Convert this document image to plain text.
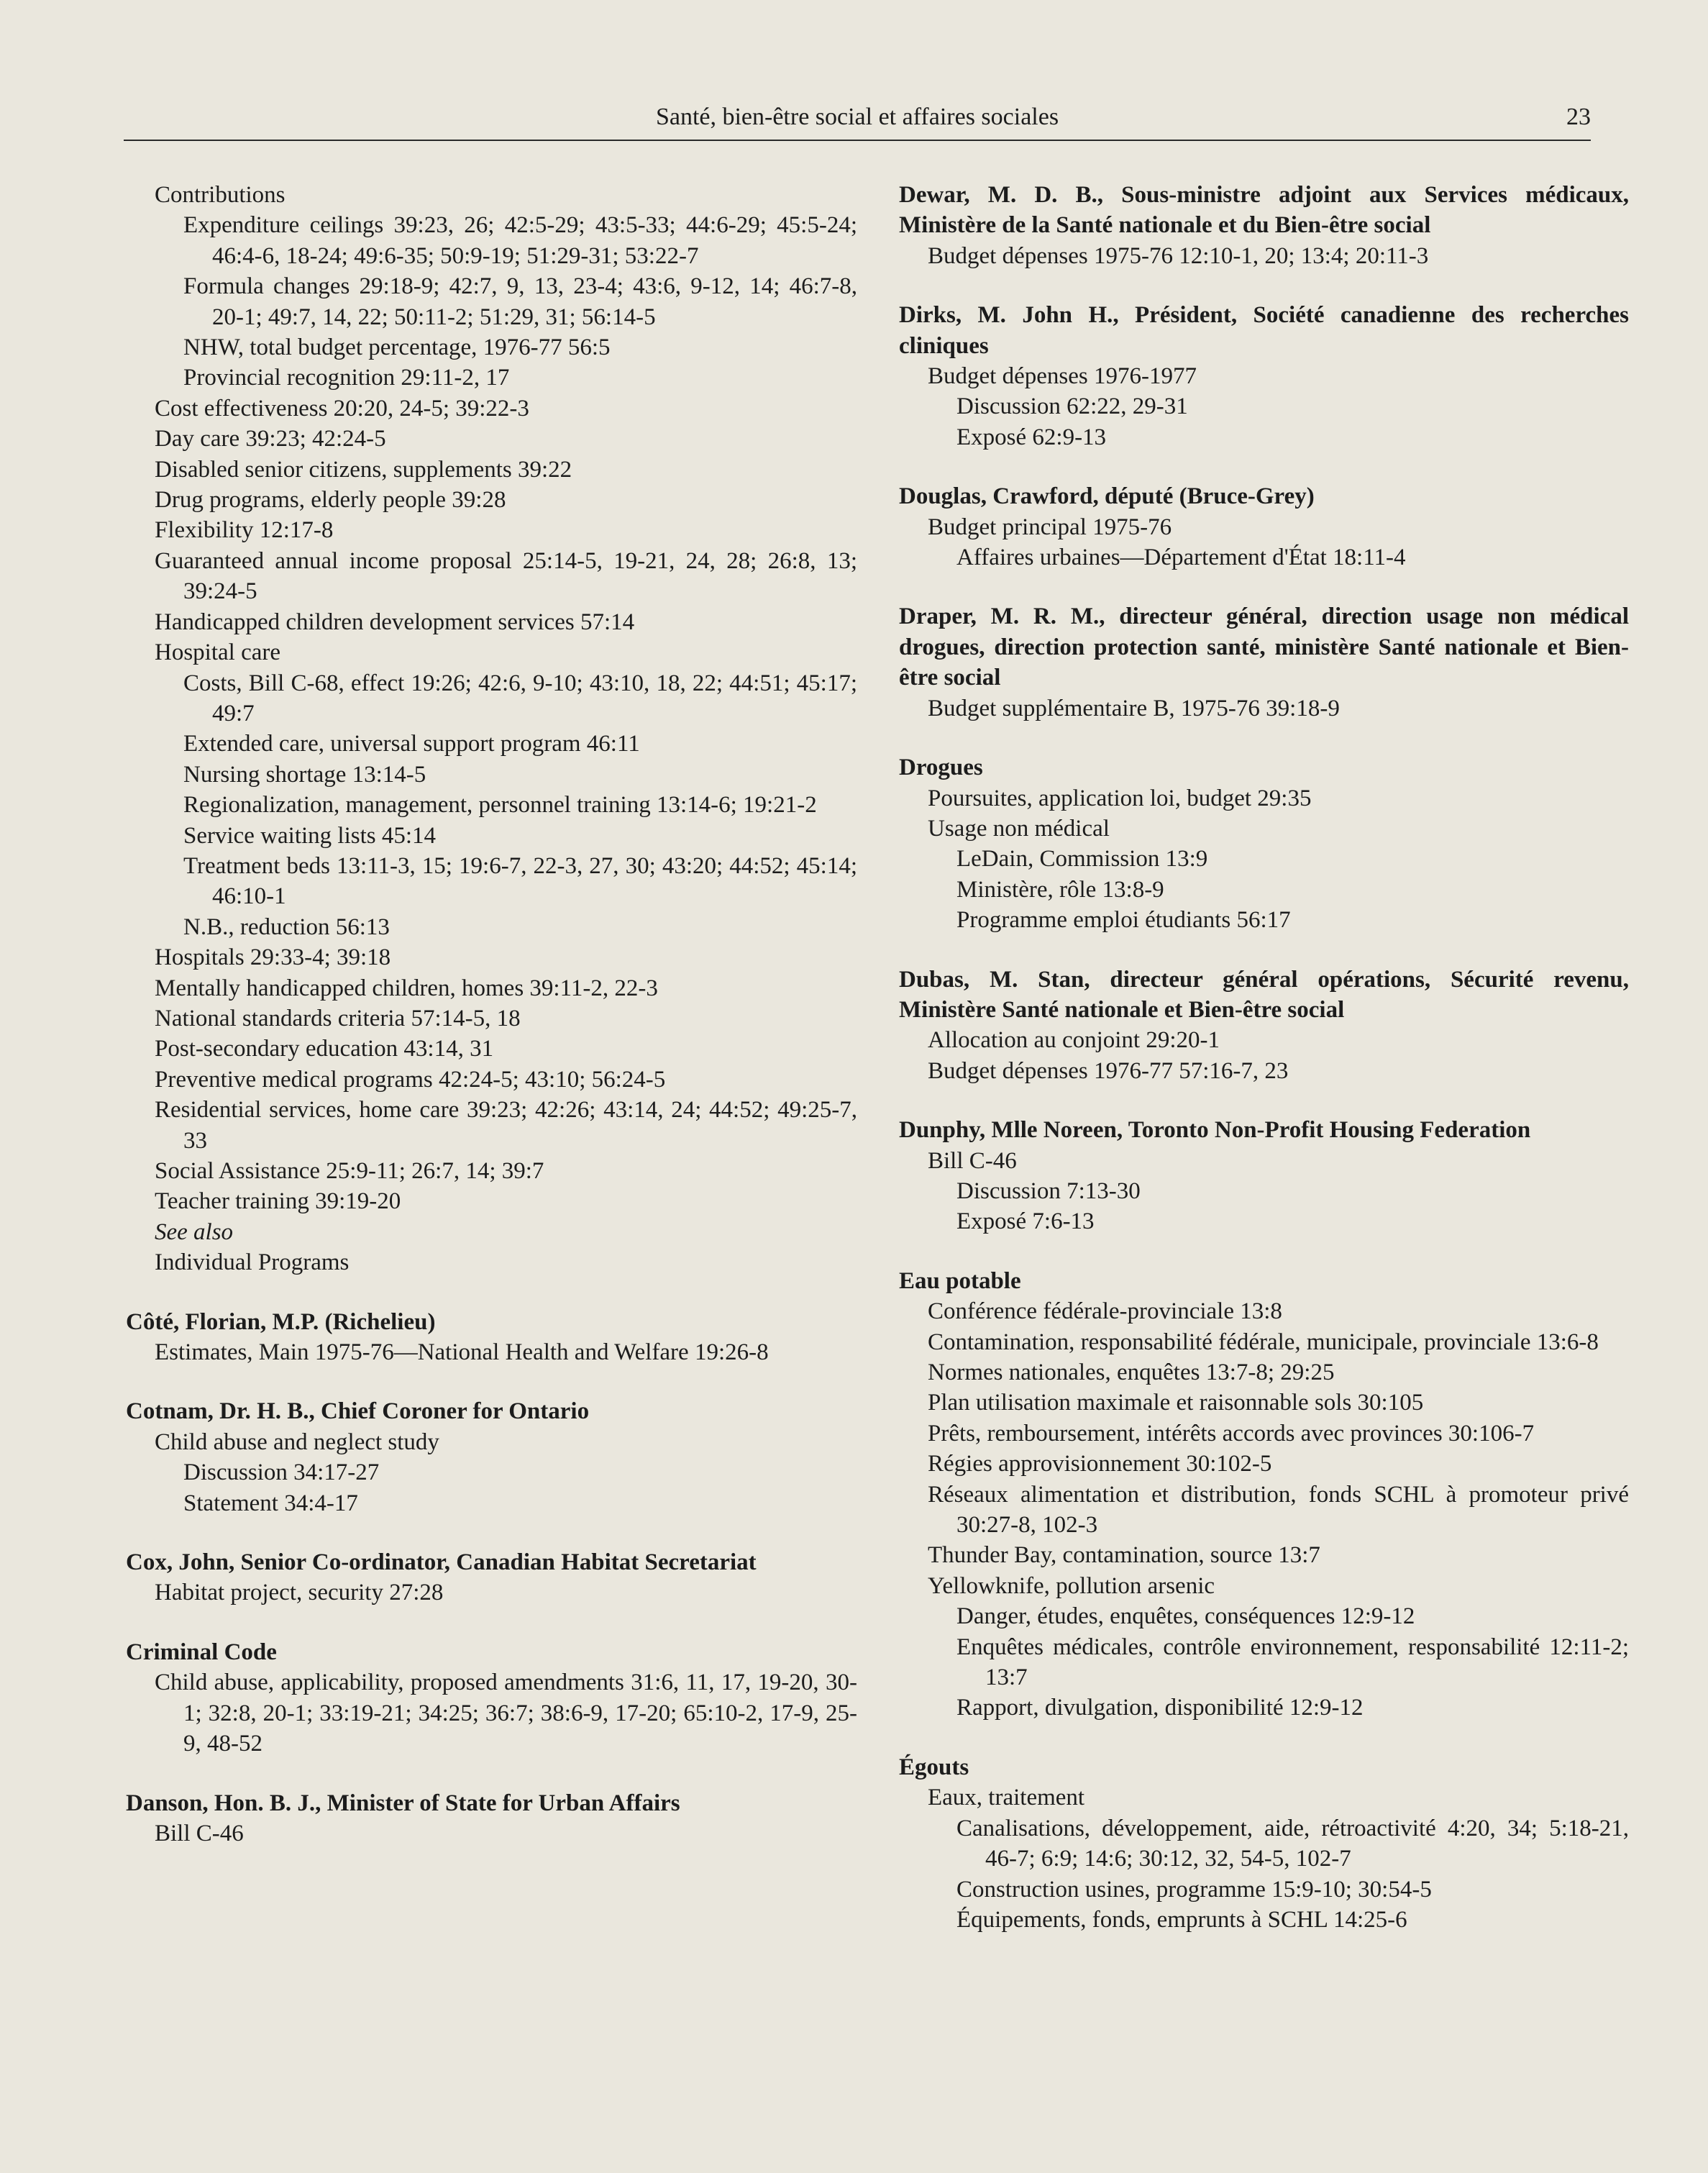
Santé, bien-être social et affaires sociales	23
Contributions
Expenditure ceilings 39:23, 26; 42:5-29; 43:5-33; 44:6-29; 45:5-24; 46:4-6, 18-24; 49:6-35; 50:9-19; 51:29-31; 53:22-7
Formula changes 29:18-9; 42:7, 9, 13, 23-4; 43:6, 9-12, 14; 46:7-8, 20-1; 49:7, 14, 22; 50:11-2; 51:29, 31; 56:14-5
NHW, total budget percentage, 1976-77 56:5
Provincial recognition 29:11-2, 17
Cost effectiveness 20:20, 24-5; 39:22-3
Day care 39:23; 42:24-5
Disabled senior citizens, supplements 39:22
Drug programs, elderly people 39:28
Flexibility 12:17-8
Guaranteed annual income proposal 25:14-5, 19-21, 24, 28; 26:8, 13; 39:24-5
Handicapped children development services 57:14
Hospital care
Costs, Bill C-68, effect 19:26; 42:6, 9-10; 43:10, 18, 22; 44:51; 45:17; 49:7
Extended care, universal support program 46:11
Nursing shortage 13:14-5
Regionalization, management, personnel training 13:14-6; 19:21-2
Service waiting lists 45:14
Treatment beds 13:11-3, 15; 19:6-7, 22-3, 27, 30; 43:20; 44:52; 45:14; 46:10-1
N.B., reduction 56:13
Hospitals 29:33-4; 39:18
Mentally handicapped children, homes 39:11-2, 22-3
National standards criteria 57:14-5, 18
Post-secondary education 43:14, 31
Preventive medical programs 42:24-5; 43:10; 56:24-5
Residential services, home care 39:23; 42:26; 43:14, 24; 44:52; 49:25-7, 33
Social Assistance 25:9-11; 26:7, 14; 39:7
Teacher training 39:19-20
See also
Individual Programs
Côté, Florian, M.P. (Richelieu)
Estimates, Main 1975-76—National Health and Welfare 19:26-8
Cotnam, Dr. H. B., Chief Coroner for Ontario
Child abuse and neglect study
Discussion 34:17-27
Statement 34:4-17
Cox, John, Senior Co-ordinator, Canadian Habitat Secretariat
Habitat project, security 27:28
Criminal Code
Child abuse, applicability, proposed amendments 31:6, 11, 17, 19-20, 30-1; 32:8, 20-1; 33:19-21; 34:25; 36:7; 38:6-9, 17-20; 65:10-2, 17-9, 25-9, 48-52
Danson, Hon. B. J., Minister of State for Urban Affairs
Bill C-46
Dewar, M. D. B., Sous-ministre adjoint aux Services médicaux, Ministère de la Santé nationale et du Bien-être social
Budget dépenses 1975-76 12:10-1, 20; 13:4; 20:11-3
Dirks, M. John H., Président, Société canadienne des recherches cliniques
Budget dépenses 1976-1977
Discussion 62:22, 29-31
Exposé 62:9-13
Douglas, Crawford, député (Bruce-Grey)
Budget principal 1975-76
Affaires urbaines—Département d'État 18:11-4
Draper, M. R. M., directeur général, direction usage non médical drogues, direction protection santé, ministère Santé nationale et Bien-être social
Budget supplémentaire B, 1975-76 39:18-9
Drogues
Poursuites, application loi, budget 29:35
Usage non médical
LeDain, Commission 13:9
Ministère, rôle 13:8-9
Programme emploi étudiants 56:17
Dubas, M. Stan, directeur général opérations, Sécurité revenu, Ministère Santé nationale et Bien-être social
Allocation au conjoint 29:20-1
Budget dépenses 1976-77 57:16-7, 23
Dunphy, Mlle Noreen, Toronto Non-Profit Housing Federation
Bill C-46
Discussion 7:13-30
Exposé 7:6-13
Eau potable
Conférence fédérale-provinciale 13:8
Contamination, responsabilité fédérale, municipale, provinciale 13:6-8
Normes nationales, enquêtes 13:7-8; 29:25
Plan utilisation maximale et raisonnable sols 30:105
Prêts, remboursement, intérêts accords avec provinces 30:106-7
Régies approvisionnement 30:102-5
Réseaux alimentation et distribution, fonds SCHL à promoteur privé 30:27-8, 102-3
Thunder Bay, contamination, source 13:7
Yellowknife, pollution arsenic
Danger, études, enquêtes, conséquences 12:9-12
Enquêtes médicales, contrôle environnement, responsabilité 12:11-2; 13:7
Rapport, divulgation, disponibilité 12:9-12
Égouts
Eaux, traitement
Canalisations, développement, aide, rétroactivité 4:20, 34; 5:18-21, 46-7; 6:9; 14:6; 30:12, 32, 54-5, 102-7
Construction usines, programme 15:9-10; 30:54-5
Équipements, fonds, emprunts à SCHL 14:25-6
